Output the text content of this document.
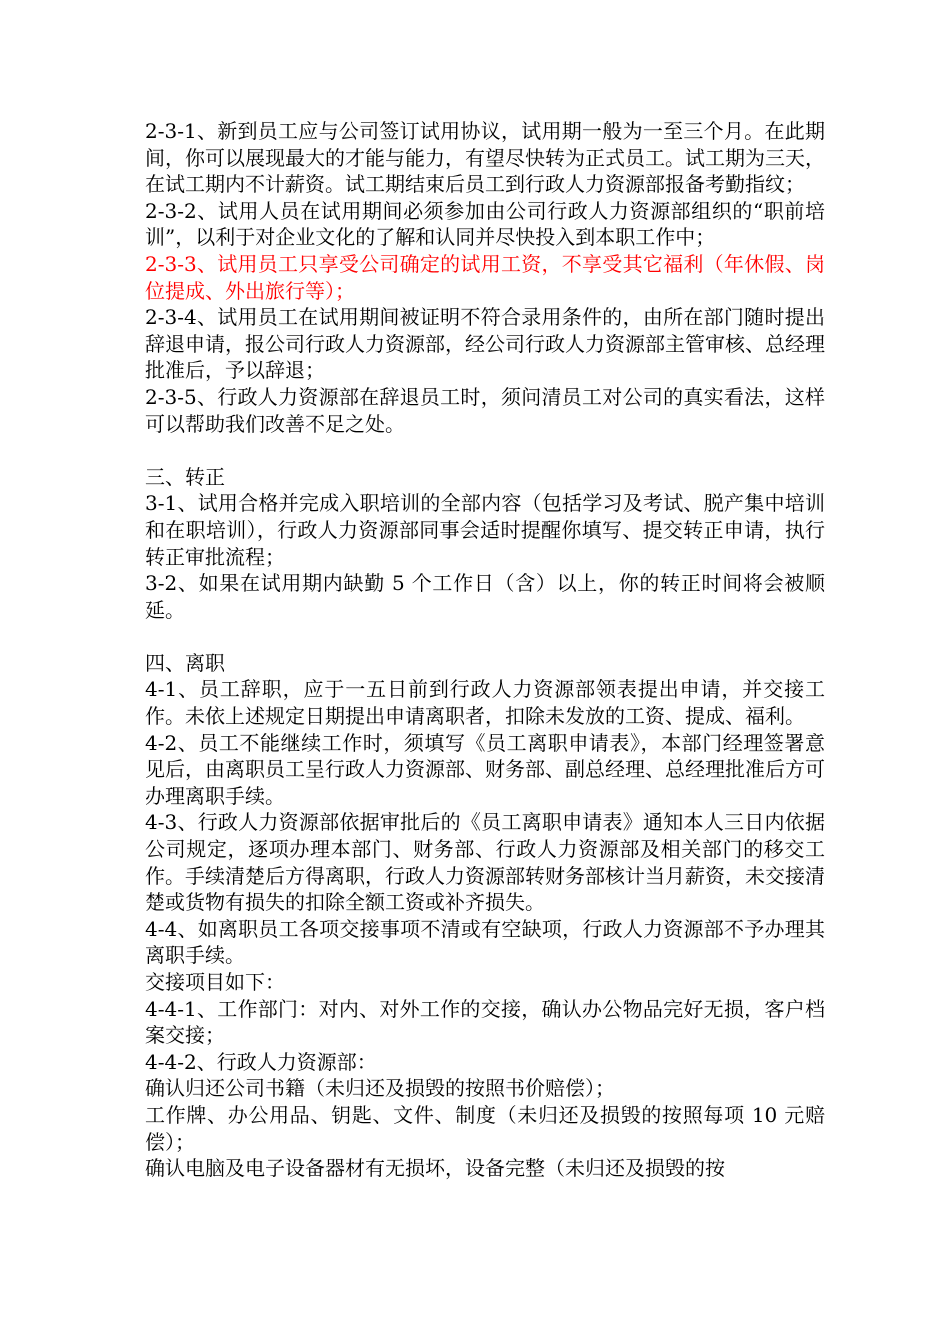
2-3-1、新到员工应与公司签订试用协议，试用期一般为一至三个月。在此期间，你可以展现最大的才能与能力，有望尽快转为正式员工。试工期为三天，在试工期内不计薪资。试工期结束后员工到行政人力资源部报备考勤指纹；

2-3-2、试用人员在试用期间必须参加由公司行政人力资源部组织的“职前培训”，以利于对企业文化的了解和认同并尽快投入到本职工作中；

2-3-3、试用员工只享受公司确定的试用工资，不享受其它福利（年休假、岗位提成、外出旅行等）；

2-3-4、试用员工在试用期间被证明不符合录用条件的，由所在部门随时提出辞退申请，报公司行政人力资源部，经公司行政人力资源部主管审核、总经理批准后，予以辞退；

2-3-5、行政人力资源部在辞退员工时，须问清员工对公司的真实看法，这样可以帮助我们改善不足之处。

三、转正

3-1、试用合格并完成入职培训的全部内容（包括学习及考试、脱产集中培训和在职培训），行政人力资源部同事会适时提醒你填写、提交转正申请，执行转正审批流程；

3-2、如果在试用期内缺勤 5 个工作日（含）以上，你的转正时间将会被顺延。

四、离职

4-1、员工辞职，应于一五日前到行政人力资源部领表提出申请，并交接工作。未依上述规定日期提出申请离职者，扣除未发放的工资、提成、福利。

4-2、员工不能继续工作时，须填写《员工离职申请表》，本部门经理签署意见后，由离职员工呈行政人力资源部、财务部、副总经理、总经理批准后方可办理离职手续。

4-3、行政人力资源部依据审批后的《员工离职申请表》通知本人三日内依据公司规定，逐项办理本部门、财务部、行政人力资源部及相关部门的移交工作。手续清楚后方得离职，行政人力资源部转财务部核计当月薪资，未交接清楚或货物有损失的扣除全额工资或补齐损失。

4-4、如离职员工各项交接事项不清或有空缺项，行政人力资源部不予办理其离职手续。

交接项目如下：

4-4-1、工作部门：对内、对外工作的交接，确认办公物品完好无损，客户档案交接；

4-4-2、行政人力资源部：

确认归还公司书籍（未归还及损毁的按照书价赔偿）；

工作牌、办公用品、钥匙、文件、制度（未归还及损毁的按照每项 10 元赔偿）；

确认电脑及电子设备器材有无损坏，设备完整（未归还及损毁的按
